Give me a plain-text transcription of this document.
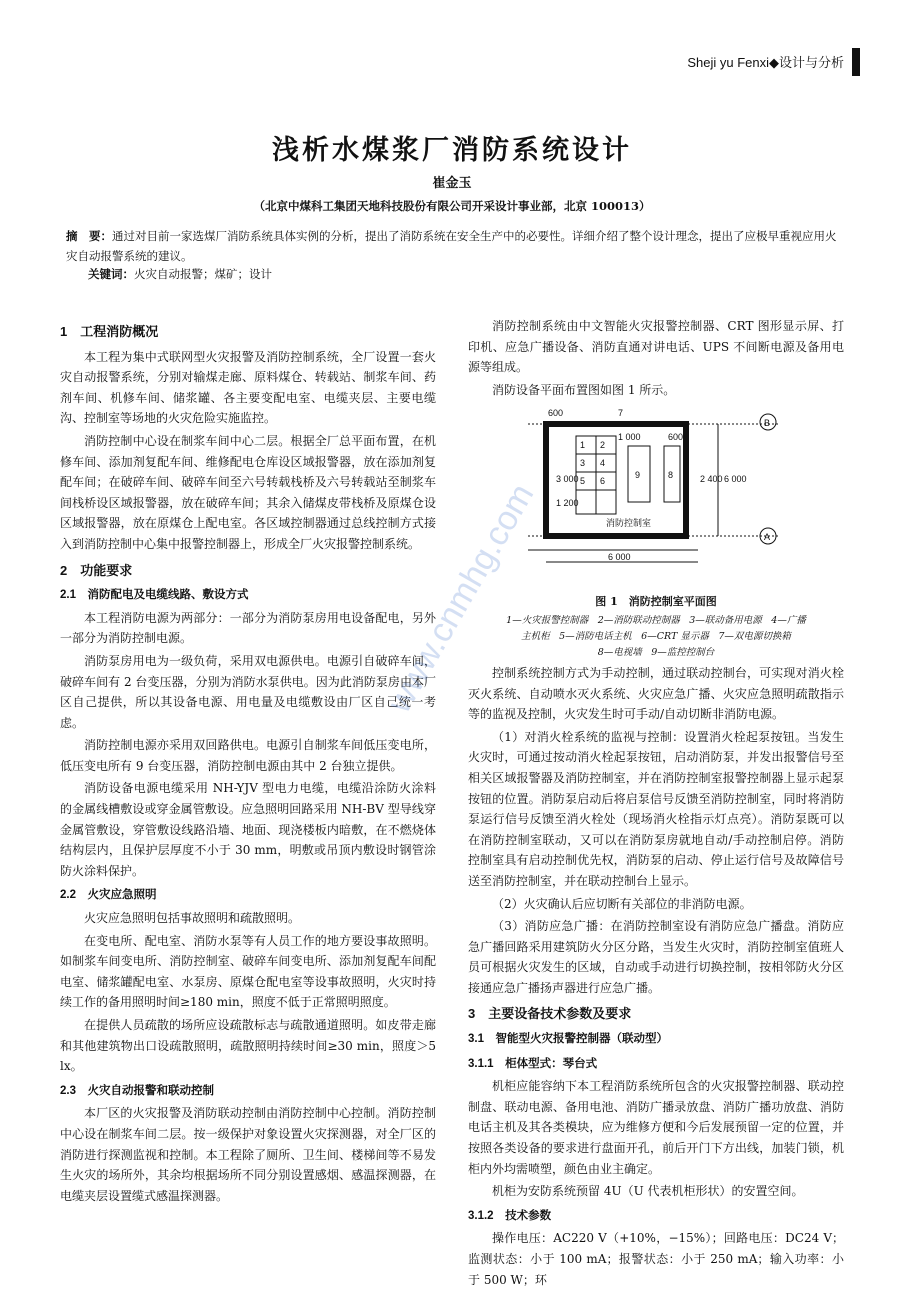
Sheji yu Fenxi◆设计与分析
浅析水煤浆厂消防系统设计
崔金玉
（北京中煤科工集团天地科技股份有限公司开采设计事业部，北京 100013）
摘　要：通过对目前一家选煤厂消防系统具体实例的分析，提出了消防系统在安全生产中的必要性。详细介绍了整个设计理念，提出了应极早重视应用火灾自动报警系统的建议。
关键词：火灾自动报警；煤矿；设计
1　工程消防概况

本工程为集中式联网型火灾报警及消防控制系统，全厂设置一套火灾自动报警系统，分别对输煤走廊、原料煤仓、转载站、制浆车间、药剂车间、机修车间、储浆罐、各主要变配电室、电缆夹层、主要电缆沟、控制室等场地的火灾危险实施监控。

消防控制中心设在制浆车间中心二层。根据全厂总平面布置，在机修车间、添加剂复配车间、维修配电仓库设区域报警器，放在添加剂复配车间；在破碎车间、破碎车间至六号转载栈桥及六号转载站至制浆车间栈桥设区域报警器，放在破碎车间；其余入储煤皮带栈桥及原煤仓设区域报警器，放在原煤仓上配电室。各区域控制器通过总线控制方式接入到消防控制中心集中报警控制器上，形成全厂火灾报警控制系统。

2　功能要求
2.1　消防配电及电缆线路、敷设方式

本工程消防电源为两部分：一部分为消防泵房用电设备配电，另外一部分为消防控制电源。

消防泵房用电为一级负荷，采用双电源供电。电源引自破碎车间，破碎车间有 2 台变压器，分别为消防水泵供电。因为此消防泵房由本厂区自己提供，所以其设备电源、用电量及电缆敷设由厂区自己统一考虑。

消防控制电源亦采用双回路供电。电源引自制浆车间低压变电所，低压变电所有 9 台变压器，消防控制电源由其中 2 台独立提供。

消防设备电源电缆采用 NH-YJV 型电力电缆，电缆沿涂防火涂料的金属线槽敷设或穿金属管敷设。应急照明回路采用 NH-BV 型导线穿金属管敷设，穿管敷设线路沿墙、地面、现浇楼板内暗敷，在不燃烧体结构层内，且保护层厚度不小于 30 mm，明敷或吊顶内敷设时钢管涂防火涂料保护。

2.2　火灾应急照明

火灾应急照明包括事故照明和疏散照明。

在变电所、配电室、消防水泵等有人员工作的地方要设事故照明。如制浆车间变电所、消防控制室、破碎车间变电所、添加剂复配车间配电室、储浆罐配电室、水泵房、原煤仓配电室等设事故照明，火灾时持续工作的备用照明时间≥180 min，照度不低于正常照明照度。

在提供人员疏散的场所应设疏散标志与疏散通道照明。如皮带走廊和其他建筑物出口设疏散照明，疏散照明持续时间≥30 min，照度＞5 lx。

2.3　火灾自动报警和联动控制

本厂区的火灾报警及消防联动控制由消防控制中心控制。消防控制中心设在制浆车间二层。按一级保护对象设置火灾探测器，对全厂区的消防进行探测监视和控制。本工程除了厕所、卫生间、楼梯间等不易发生火灾的场所外，其余均根据场所不同分别设置感烟、感温探测器，在电缆夹层设置缆式感温探测器。

消防控制系统由中文智能火灾报警控制器、CRT 图形显示屏、打印机、应急广播设备、消防直通对讲电话、UPS 不间断电源及备用电源等组成。

消防设备平面布置图如图 1 所示。

600
1 000	600
1 2
3 4
5 6
7
8
9
消防控制室
3 000
1 200
2 400 6 000
6 000
B
A
图 1　消防控制室平面图
1—火灾报警控制器　2—消防联动控制器　3—联动备用电源　4—广播
主机柜　5—消防电话主机　6—CRT 显示器　7—双电源切换箱
8—电视墙　9—监控控制台

控制系统控制方式为手动控制，通过联动控制台，可实现对消火栓灭火系统、自动喷水灭火系统、火灾应急广播、火灾应急照明疏散指示等的监视及控制，火灾发生时可手动/自动切断非消防电源。

（1）对消火栓系统的监视与控制：设置消火栓起泵按钮。当发生火灾时，可通过按动消火栓起泵按钮，启动消防泵，并发出报警信号至相关区域报警器及消防控制室，并在消防控制室报警控制器上显示起泵按钮的位置。消防泵启动后将启泵信号反馈至消防控制室，同时将消防泵运行信号反馈至消火栓处（现场消火栓指示灯点亮）。消防泵既可以在消防控制室联动，又可以在消防泵房就地自动/手动控制启停。消防控制室具有启动控制优先权，消防泵的启动、停止运行信号及故障信号送至消防控制室，并在联动控制台上显示。

（2）火灾确认后应切断有关部位的非消防电源。

（3）消防应急广播：在消防控制室设有消防应急广播盘。消防应急广播回路采用建筑防火分区分路，当发生火灾时，消防控制室值班人员可根据火灾发生的区域，自动或手动进行切换控制，按相邻防火分区接通应急广播扬声器进行应急广播。

3　主要设备技术参数及要求
3.1　智能型火灾报警控制器（联动型）
3.1.1　柜体型式：琴台式

机柜应能容纳下本工程消防系统所包含的火灾报警控制器、联动控制盘、联动电源、备用电池、消防广播录放盘、消防广播功放盘、消防电话主机及其各类模块，应为维修方便和今后发展预留一定的位置，并按照各类设备的要求进行盘面开孔，前后开门下方出线，加装门锁，机柜内外均需喷塑，颜色由业主确定。

机柜为安防系统预留 4U（U 代表机柜形状）的安置空间。

3.1.2　技术参数

操作电压：AC220 V（+10%，−15%）；回路电压：DC24 V；监测状态：小于 100 mA；报警状态：小于 250 mA；输入功率：小于 500 W；环

www.cnmhg.com
